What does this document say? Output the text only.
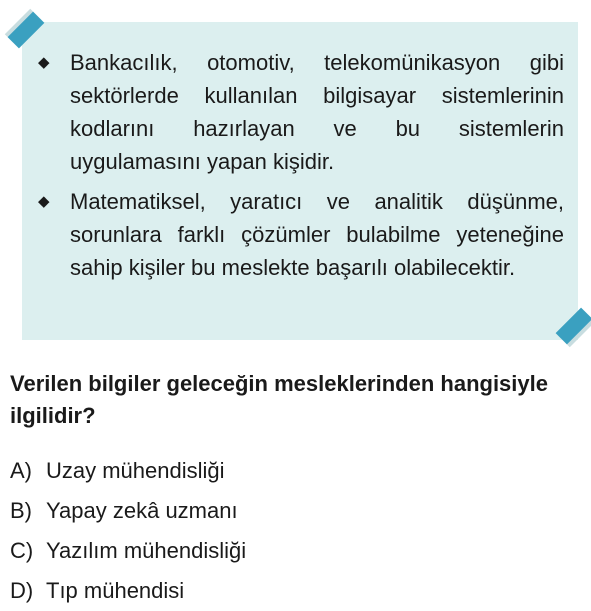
◆ Bankacılık, otomotiv, telekomünikasyon gibi sektörlerde kullanılan bilgisayar sistemlerinin kodlarını hazırlayan ve bu sistemlerin uygulamasını yapan kişidir.
◆ Matematiksel, yaratıcı ve analitik düşünme, sorunlara farklı çözümler bulabilme yeteneğine sahip kişiler bu meslekte başarılı olabilecektir.

Verilen bilgiler geleceğin mesleklerinden hangisiyle ilgilidir?

A) Uzay mühendisliği
B) Yapay zekâ uzmanı
C) Yazılım mühendisliği
D) Tıp mühendisi
